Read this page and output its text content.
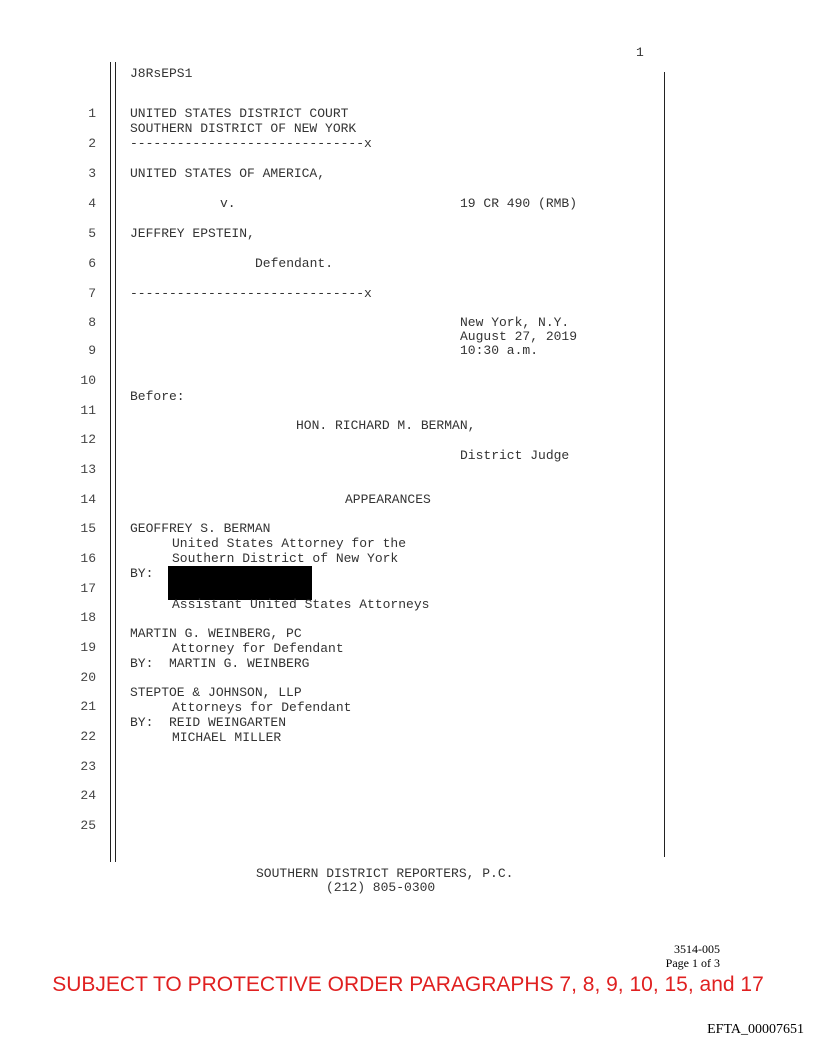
1
J8RsEPS1
1
2
3
4
5
6
7
8
9
10
11
12
13
14
15
16
17
18
19
20
21
22
23
24
25
UNITED STATES DISTRICT COURT
SOUTHERN DISTRICT OF NEW YORK
------------------------------x
UNITED STATES OF AMERICA,
v.	19 CR 490 (RMB)
JEFFREY EPSTEIN,
Defendant.
------------------------------x
New York, N.Y.
August 27, 2019
10:30 a.m.
Before:
HON. RICHARD M. BERMAN,
District Judge
APPEARANCES
GEOFFREY S. BERMAN
United States Attorney for the
Southern District of New York
BY:
Assistant United States Attorneys
MARTIN G. WEINBERG, PC
Attorney for Defendant
BY:  MARTIN G. WEINBERG
STEPTOE & JOHNSON, LLP
Attorneys for Defendant
BY:  REID WEINGARTEN
MICHAEL MILLER
SOUTHERN DISTRICT REPORTERS, P.C.
(212) 805-0300
3514-005
Page 1 of 3
SUBJECT TO PROTECTIVE ORDER PARAGRAPHS 7, 8, 9, 10, 15, and 17
EFTA_00007651
